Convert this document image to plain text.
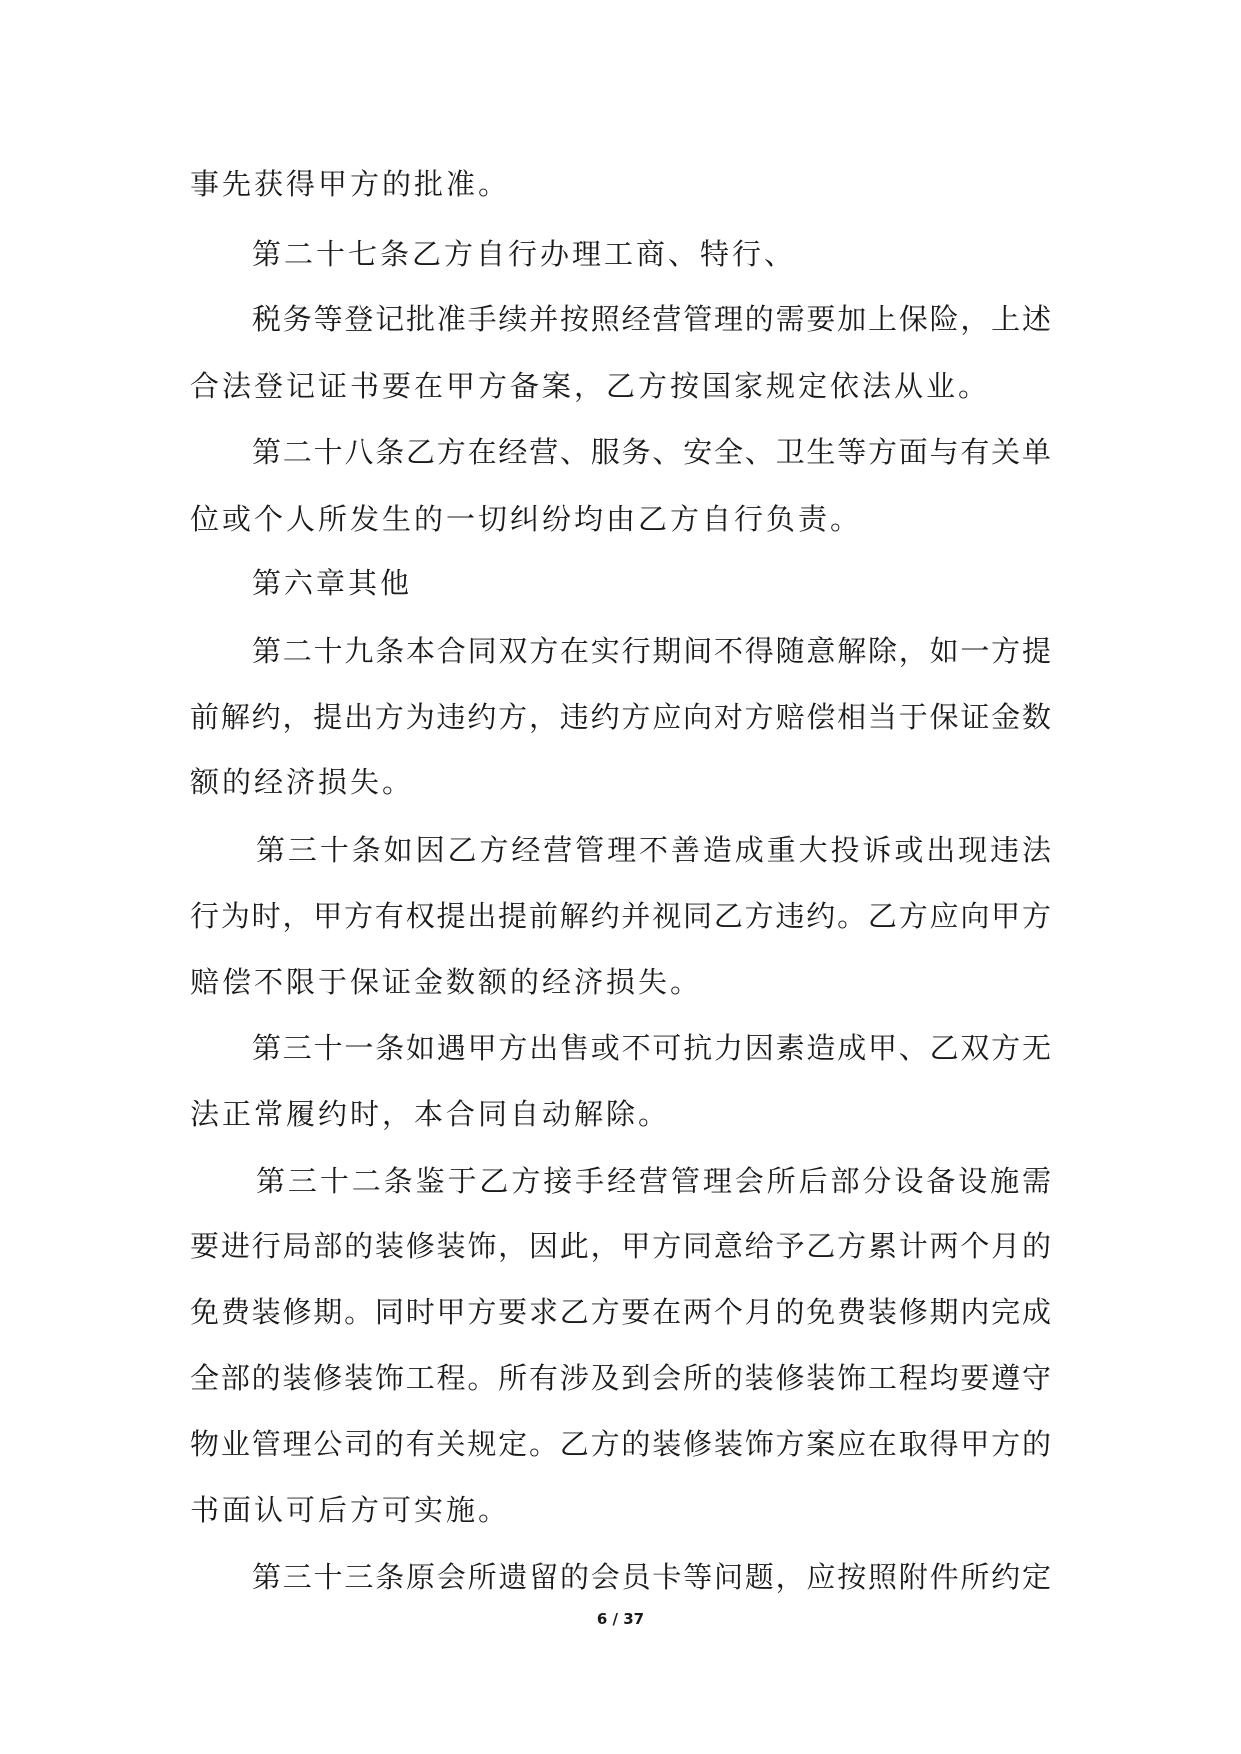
事先获得甲方的批准。
第二十七条乙方自行办理工商、特行、
税务等登记批准手续并按照经营管理的需要加上保险，上述
合法登记证书要在甲方备案，乙方按国家规定依法从业。
第二十八条乙方在经营、服务、安全、卫生等方面与有关单
位或个人所发生的一切纠纷均由乙方自行负责。
第六章其他
第二十九条本合同双方在实行期间不得随意解除，如一方提
前解约，提出方为违约方，违约方应向对方赔偿相当于保证金数
额的经济损失。
第三十条如因乙方经营管理不善造成重大投诉或出现违法
行为时，甲方有权提出提前解约并视同乙方违约。乙方应向甲方
赔偿不限于保证金数额的经济损失。
第三十一条如遇甲方出售或不可抗力因素造成甲、乙双方无
法正常履约时，本合同自动解除。
第三十二条鉴于乙方接手经营管理会所后部分设备设施需
要进行局部的装修装饰，因此，甲方同意给予乙方累计两个月的
免费装修期。同时甲方要求乙方要在两个月的免费装修期内完成
全部的装修装饰工程。所有涉及到会所的装修装饰工程均要遵守
物业管理公司的有关规定。乙方的装修装饰方案应在取得甲方的
书面认可后方可实施。
第三十三条原会所遗留的会员卡等问题，应按照附件所约定
6 / 37
